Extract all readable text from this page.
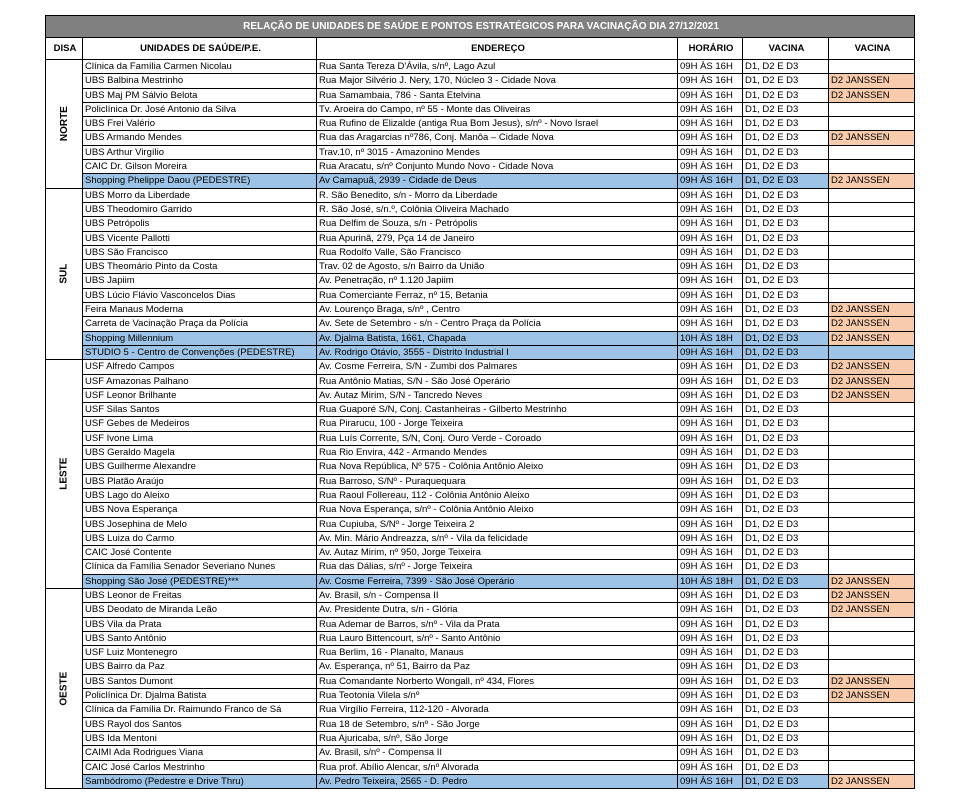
RELAÇÃO DE UNIDADES DE SAÚDE E PONTOS ESTRATÉGICOS PARA VACINAÇÃO DIA 27/12/2021					
DISA	UNIDADES DE SAÚDE/P.E.	ENDEREÇO	HORÁRIO	VACINA	VACINA
NORTE	Clínica da Família Carmen Nicolau	Rua Santa Tereza D'Ávila, s/nº, Lago Azul	09H ÀS 16H	D1, D2 E D3	
	UBS Balbina Mestrinho	Rua Major Silvério J. Nery, 170, Núcleo 3 - Cidade Nova	09H ÀS 16H	D1, D2 E D3	D2 JANSSEN
	UBS Maj PM Sálvio Belota	Rua Samambaia, 786 - Santa Etelvina	09H ÀS 16H	D1, D2 E D3	D2 JANSSEN
	Policlínica Dr. José Antonio da Silva	Tv. Aroeira do Campo, nº 55 - Monte das Oliveiras	09H ÀS 16H	D1, D2 E D3	
	UBS Frei Valério	Rua Rufino de Elizalde (antiga Rua Bom Jesus), s/nº - Novo Israel	09H ÀS 16H	D1, D2 E D3	
	UBS Armando Mendes	Rua das Aragarcias nº786, Conj. Manôa – Cidade Nova	09H ÀS 16H	D1, D2 E D3	D2 JANSSEN
	UBS Arthur Virgílio	Trav.10, nº 3015 - Amazonino Mendes	09H ÀS 16H	D1, D2 E D3	
	CAIC Dr. Gilson Moreira	Rua Aracatu, s/nº Conjunto Mundo Novo - Cidade Nova	09H ÀS 16H	D1, D2 E D3	
	Shopping Phelippe Daou (PEDESTRE)	Av Camapuã, 2939 - Cidade de Deus	09H ÀS 16H	D1, D2 E D3	D2 JANSSEN
SUL	UBS Morro da Liberdade	R. São Benedito, s/n - Morro da Liberdade	09H ÀS 16H	D1, D2 E D3	
	UBS Theodomiro Garrido	R. São José, s/n.º, Colônia Oliveira Machado	09H ÀS 16H	D1, D2 E D3	
	UBS Petrópolis	Rua Delfim de Souza, s/n - Petrópolis	09H ÀS 16H	D1, D2 E D3	
	UBS Vicente Pallotti	Rua Apurinã, 279, Pça 14 de Janeiro	09H ÀS 16H	D1, D2 E D3	
	UBS São Francisco	Rua Rodolfo Valle, São Francisco	09H ÀS 16H	D1, D2 E D3	
	UBS Theomário Pinto da Costa	Trav. 02 de Agosto, s/n Bairro da União	09H ÀS 16H	D1, D2 E D3	
	UBS Japiim	Av. Penetração, nº 1.120 Japiim	09H ÀS 16H	D1, D2 E D3	
	UBS Lúcio Flávio Vasconcelos Dias	Rua Comerciante Ferraz, nº 15, Betania	09H ÀS 16H	D1, D2 E D3	
	Feira Manaus Moderna	Av. Lourenço Braga, s/nº , Centro	09H ÀS 16H	D1, D2 E D3	D2 JANSSEN
	Carreta de Vacinação Praça da Polícia	Av. Sete de Setembro - s/n - Centro Praça da Polícia	09H ÀS 16H	D1, D2 E D3	D2 JANSSEN
	Shopping Millennium	Av. Djalma Batista, 1661, Chapada	10H ÀS 18H	D1, D2 E D3	D2 JANSSEN
	STUDIO 5 - Centro de Convenções (PEDESTRE)	Av. Rodrigo Otávio, 3555 - Distrito Industrial I	09H ÀS 16H	D1, D2 E D3	
LESTE	USF Alfredo Campos	Av. Cosme Ferreira, S/N - Zumbi dos Palmares	09H ÀS 16H	D1, D2 E D3	D2 JANSSEN
	USF Amazonas Palhano	Rua Antônio Matias, S/N - São José Operário	09H ÀS 16H	D1, D2 E D3	D2 JANSSEN
	USF Leonor Brilhante	Av. Autaz Mirim, S/N - Tancredo Neves	09H ÀS 16H	D1, D2 E D3	D2 JANSSEN
	USF Silas Santos	Rua Guaporé S/N, Conj. Castanheiras - Gilberto Mestrinho	09H ÀS 16H	D1, D2 E D3	
	USF Gebes de Medeiros	Rua Pirarucu, 100 - Jorge Teixeira	09H ÀS 16H	D1, D2 E D3	
	USF Ivone Lima	Rua Luís Corrente, S/N, Conj. Ouro Verde - Coroado	09H ÀS 16H	D1, D2 E D3	
	UBS Geraldo Magela	Rua Rio Envira, 442 - Armando Mendes	09H ÀS 16H	D1, D2 E D3	
	UBS Guilherme Alexandre	Rua Nova República, Nº 575 - Colônia Antônio Aleixo	09H ÀS 16H	D1, D2 E D3	
	UBS Platão Araújo	Rua Barroso, S/Nº - Puraquequara	09H ÀS 16H	D1, D2 E D3	
	UBS Lago do Aleixo	Rua Raoul Follereau, 112 - Colônia Antônio Aleixo	09H ÀS 16H	D1, D2 E D3	
	UBS Nova Esperança	Rua Nova Esperança, s/nº - Colônia Antônio Aleixo	09H ÀS 16H	D1, D2 E D3	
	UBS Josephina de Melo	Rua Cupiuba, S/Nº - Jorge Teixeira 2	09H ÀS 16H	D1, D2 E D3	
	UBS Luiza do Carmo	Av. Min. Mário Andreazza, s/nº - Vila da felicidade	09H ÀS 16H	D1, D2 E D3	
	CAIC José Contente	Av. Autaz Mirim, nº 950, Jorge Teixeira	09H ÀS 16H	D1, D2 E D3	
	Clínica da Família Senador Severiano Nunes	Rua das Dálias, s/nº - Jorge Teixeira	09H ÀS 16H	D1, D2 E D3	
	Shopping São José (PEDESTRE)***	Av. Cosme Ferreira, 7399 - São José Operário	10H ÀS 18H	D1, D2 E D3	D2 JANSSEN
OESTE	UBS Leonor de Freitas	Av. Brasil, s/n - Compensa II	09H ÀS 16H	D1, D2 E D3	D2 JANSSEN
	UBS Deodato de Miranda Leão	Av. Presidente Dutra, s/n - Glória	09H ÀS 16H	D1, D2 E D3	D2 JANSSEN
	UBS Vila da Prata	Rua Ademar de Barros, s/nº - Vila da Prata	09H ÀS 16H	D1, D2 E D3	
	UBS Santo Antônio	Rua Lauro Bittencourt, s/nº - Santo Antônio	09H ÀS 16H	D1, D2 E D3	
	USF Luiz Montenegro	Rua Berlim, 16 - Planalto, Manaus	09H ÀS 16H	D1, D2 E D3	
	UBS Bairro da Paz	Av. Esperança, nº 51, Bairro da Paz	09H ÀS 16H	D1, D2 E D3	
	UBS Santos Dumont	Rua Comandante Norberto Wongall, nº 434, Flores	09H ÀS 16H	D1, D2 E D3	D2 JANSSEN
	Policlínica Dr. Djalma Batista	Rua Teotonia Vilela s/nº	09H ÀS 16H	D1, D2 E D3	D2 JANSSEN
	Clínica da Família Dr. Raimundo Franco de Sá	Rua Virgílio Ferreira, 112-120 - Alvorada	09H ÀS 16H	D1, D2 E D3	
	UBS Rayol dos Santos	Rua 18 de Setembro, s/nº - São Jorge	09H ÀS 16H	D1, D2 E D3	
	UBS Ida Mentoni	Rua Ajuricaba, s/nº, São Jorge	09H ÀS 16H	D1, D2 E D3	
	CAIMI Ada Rodrigues Viana	Av. Brasil, s/nº - Compensa II	09H ÀS 16H	D1, D2 E D3	
	CAIC José Carlos Mestrinho	Rua prof. Abílio Alencar, s/nº Alvorada	09H ÀS 16H	D1, D2 E D3	
	Sambódromo (Pedestre e Drive Thru)	Av. Pedro Teixeira, 2565 - D. Pedro	09H ÀS 16H	D1, D2 E D3	D2 JANSSEN
